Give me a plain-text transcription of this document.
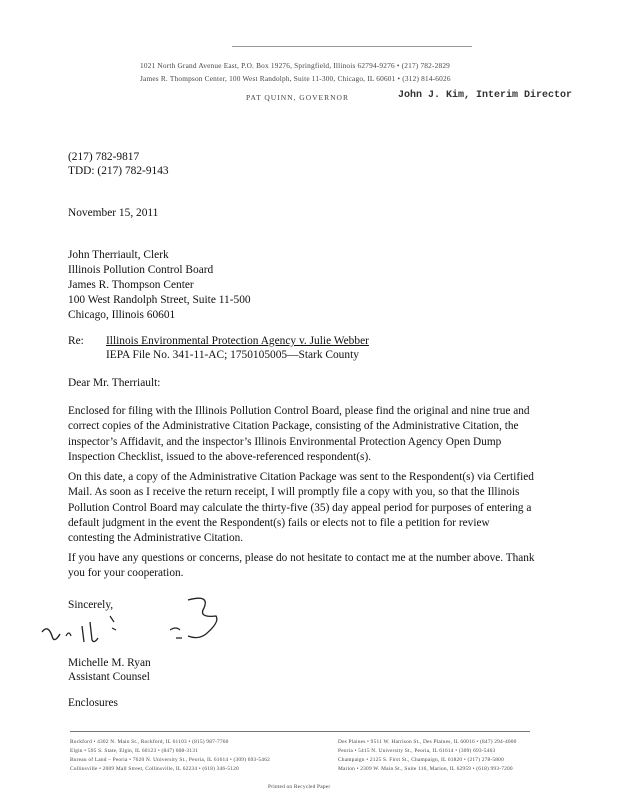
1021 North Grand Avenue East, P.O. Box 19276, Springfield, Illinois 62794-9276 • (217) 782-2829
James R. Thompson Center, 100 West Randolph, Suite 11-300, Chicago, IL 60601 • (312) 814-6026
PAT QUINN, GOVERNOR	John J. Kim, Interim Director
(217) 782-9817
TDD: (217) 782-9143
November 15, 2011
John Therriault, Clerk
Illinois Pollution Control Board
James R. Thompson Center
100 West Randolph Street, Suite 11-500
Chicago, Illinois 60601
Re: Illinois Environmental Protection Agency v. Julie Webber
IEPA File No. 341-11-AC; 1750105005—Stark County
Dear Mr. Therriault:

Enclosed for filing with the Illinois Pollution Control Board, please find the original and nine true and correct copies of the Administrative Citation Package, consisting of the Administrative Citation, the inspector’s Affidavit, and the inspector’s Illinois Environmental Protection Agency Open Dump Inspection Checklist, issued to the above-referenced respondent(s).

On this date, a copy of the Administrative Citation Package was sent to the Respondent(s) via Certified Mail. As soon as I receive the return receipt, I will promptly file a copy with you, so that the Illinois Pollution Control Board may calculate the thirty-five (35) day appeal period for purposes of entering a default judgment in the event the Respondent(s) fails or elects not to file a petition for review contesting the Administrative Citation.

If you have any questions or concerns, please do not hesitate to contact me at the number above. Thank you for your cooperation.

Sincerely,
Michelle M. Ryan
Assistant Counsel
Enclosures
Rockford • 4302 N. Main St., Rockford, IL 61103 • (815) 987-7760
Elgin • 595 S. State, Elgin, IL 60123 • (847) 608-3131
Bureau of Land – Peoria • 7620 N. University St., Peoria, IL 61614 • (309) 693-5462
Collinsville • 2009 Mall Street, Collinsville, IL 62234 • (618) 346-5120
Des Plaines • 9511 W. Harrison St., Des Plaines, IL 60016 • (847) 294-4000
Peoria • 5415 N. University St., Peoria, IL 61614 • (309) 693-5463
Champaign • 2125 S. First St., Champaign, IL 61820 • (217) 278-5800
Marion • 2309 W. Main St., Suite 116, Marion, IL 62959 • (618) 993-7200
Printed on Recycled Paper
